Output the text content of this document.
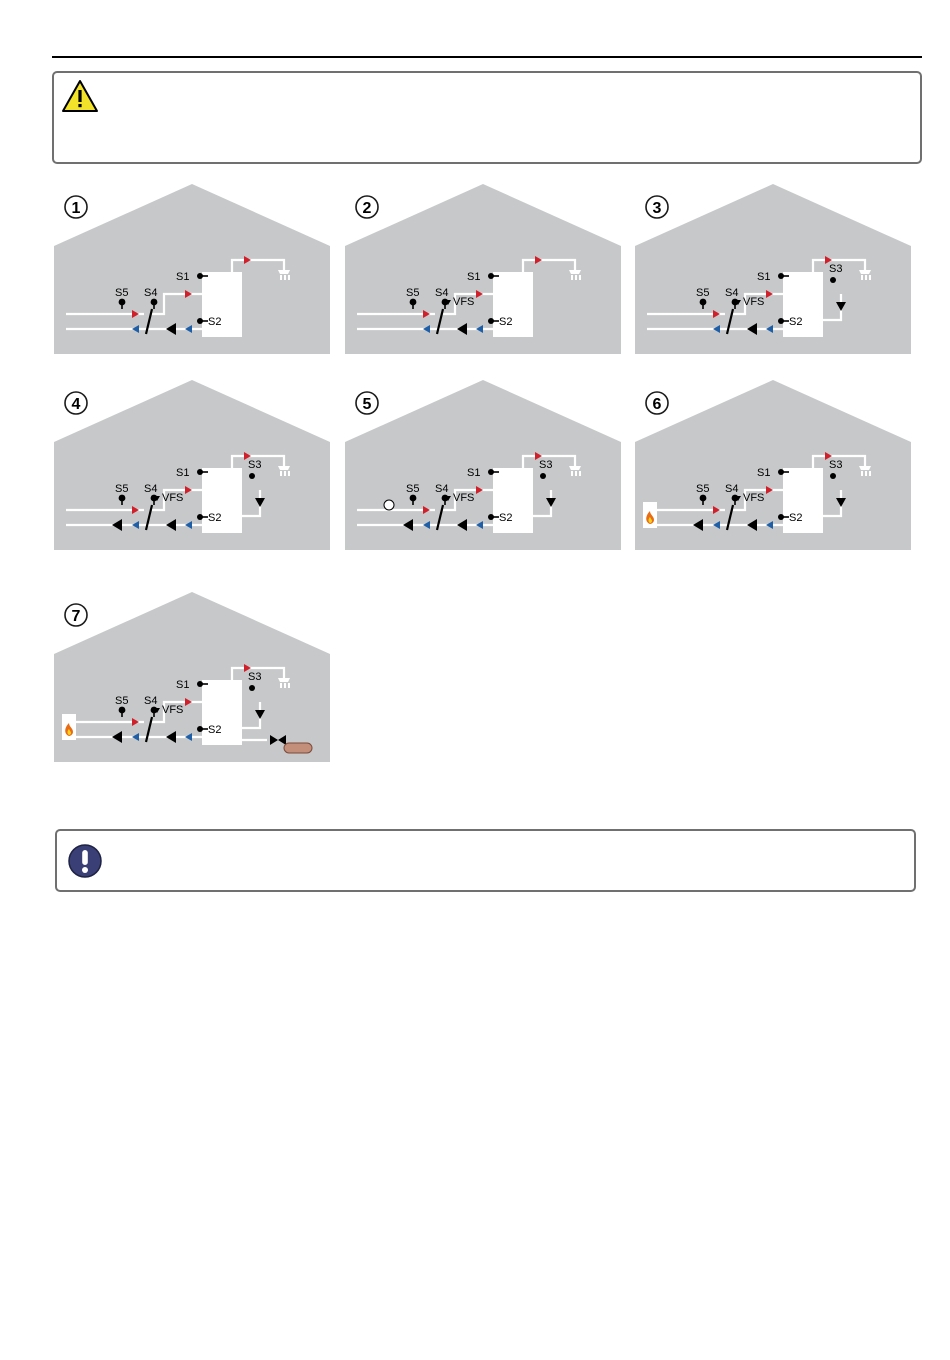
1
S5 S4
S1
S2
2
S5 S4
S1
S2
VFS
3
S5 S4
S1
S2
VFS
S3
4
S5 S4
S1
S2
VFS
S3
5
S5 S4
S1
S2
VFS
S3
6
S5 S4
S1
S2
VFS
S3
7
S5 S4
S1
S2
VFS
S3
